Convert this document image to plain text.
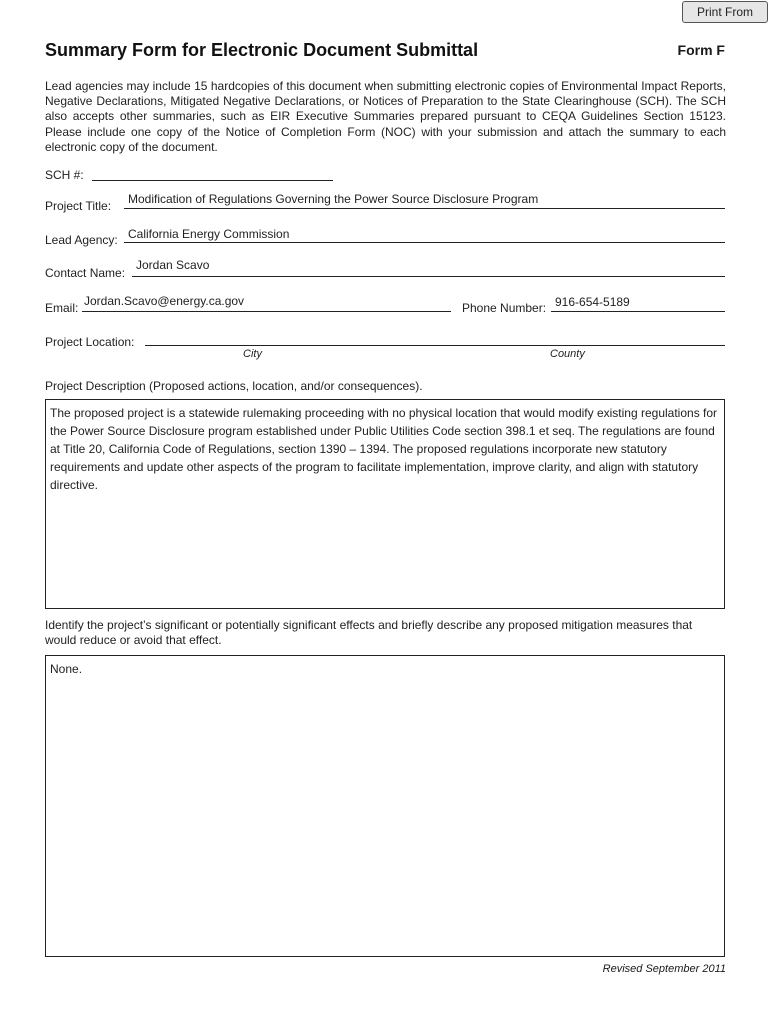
Print From
Summary Form for Electronic Document Submittal	Form F
Lead agencies may include 15 hardcopies of this document when submitting electronic copies of Environmental Impact Reports, Negative Declarations, Mitigated Negative Declarations, or Notices of Preparation to the State Clearinghouse (SCH). The SCH also accepts other summaries, such as EIR Executive Summaries prepared pursuant to CEQA Guidelines Section 15123. Please include one copy of the Notice of Completion Form (NOC) with your submission and attach the summary to each electronic copy of the document.
SCH #:
Project Title: Modification of Regulations Governing the Power Source Disclosure Program
Lead Agency: California Energy Commission
Contact Name:
Jordan Scavo
Email: Jordan.Scavo@energy.ca.gov	Phone Number: 916-654-5189
Project Location:
City	County
Project Description (Proposed actions, location, and/or consequences).
The proposed project is a statewide rulemaking proceeding with no physical location that would modify existing regulations for the Power Source Disclosure program established under Public Utilities Code section 398.1 et seq. The regulations are found at Title 20, California Code of Regulations, section 1390 – 1394. The proposed regulations incorporate new statutory requirements and update other aspects of the program to facilitate implementation, improve clarity, and align with statutory directive.
Identify the project’s significant or potentially significant effects and briefly describe any proposed mitigation measures that would reduce or avoid that effect.
None.
Revised September 2011
